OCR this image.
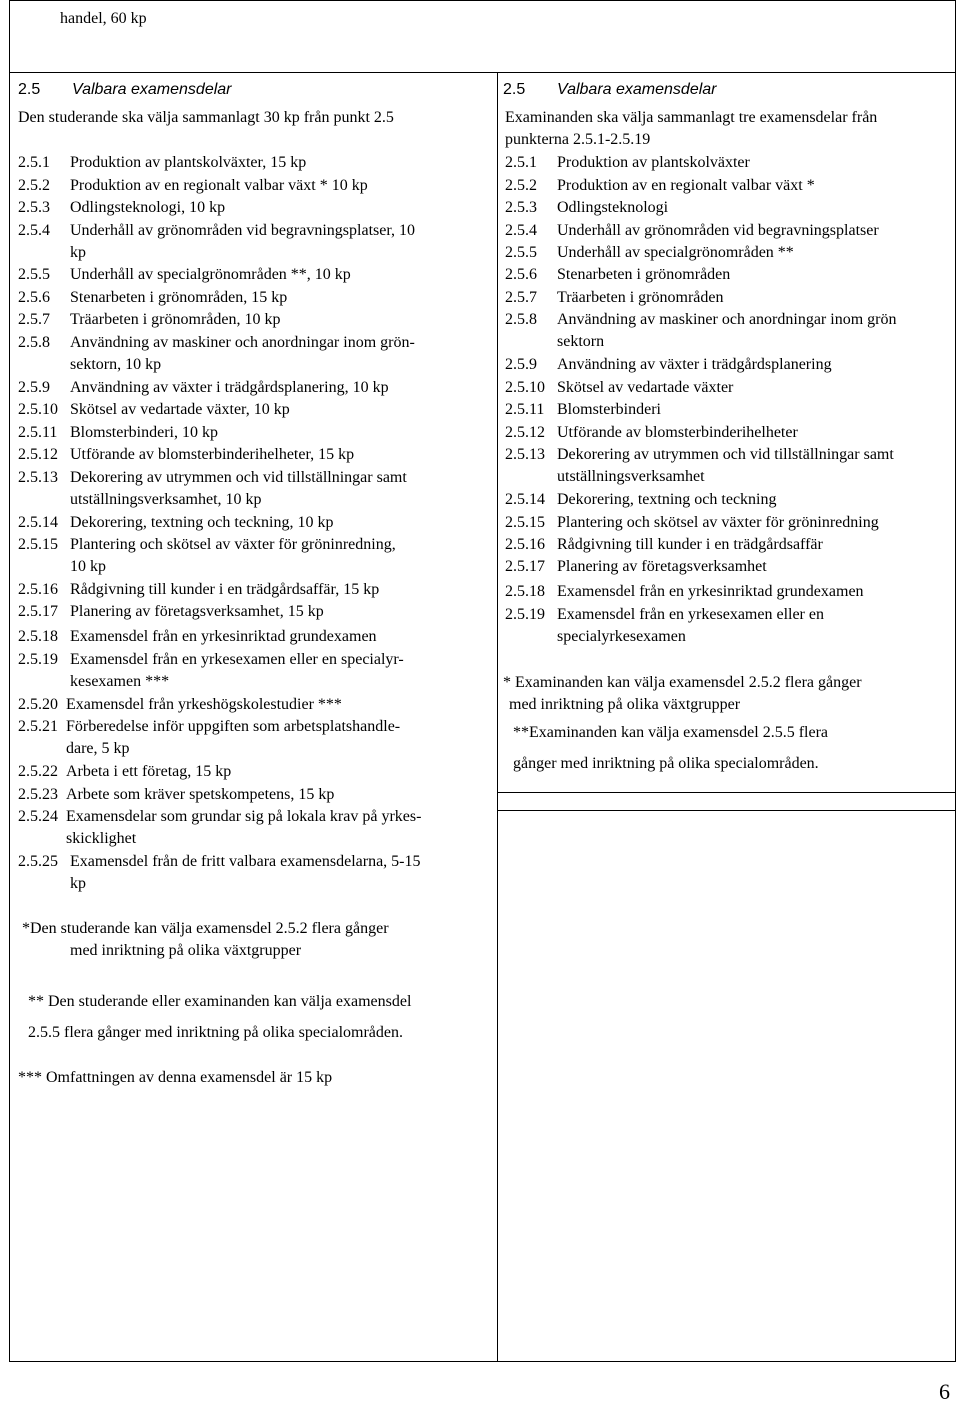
handel, 60 kp
2.5 Valbara examensdelar
Den studerande ska välja sammanlagt 30 kp från punkt 2.5
2.5.1 Produktion av plantskolväxter, 15 kp
2.5.2 Produktion av en regionalt valbar växt * 10 kp
2.5.3 Odlingsteknologi, 10 kp
2.5.4 Underhåll av grönområden vid begravningsplatser, 10
kp
2.5.5 Underhåll av specialgrönområden **, 10 kp
2.5.6 Stenarbeten i grönområden, 15 kp
2.5.7 Träarbeten i grönområden, 10 kp
2.5.8 Användning av maskiner och anordningar inom grön-
sektorn, 10 kp
2.5.9 Användning av växter i trädgårdsplanering, 10 kp
2.5.10 Skötsel av vedartade växter, 10 kp
2.5.11 Blomsterbinderi, 10 kp
2.5.12 Utförande av blomsterbinderihelheter, 15 kp
2.5.13 Dekorering av utrymmen och vid tillställningar samt
utställningsverksamhet, 10 kp
2.5.14 Dekorering, textning och teckning, 10 kp
2.5.15 Plantering och skötsel av växter för gröninredning,
10 kp
2.5.16 Rådgivning till kunder i en trädgårdsaffär, 15 kp
2.5.17 Planering av företagsverksamhet, 15 kp
2.5.18 Examensdel från en yrkesinriktad grundexamen
2.5.19 Examensdel från en yrkesexamen eller en specialyr-
kesexamen ***
2.5.20 Examensdel från yrkeshögskolestudier ***
2.5.21 Förberedelse inför uppgiften som arbetsplatshandle-
dare, 5 kp
2.5.22 Arbeta i ett företag, 15 kp
2.5.23 Arbete som kräver spetskompetens, 15 kp
2.5.24 Examensdelar som grundar sig på lokala krav på yrkes-
skicklighet
2.5.25 Examensdel från de fritt valbara examensdelarna, 5-15
kp
*Den studerande kan välja examensdel 2.5.2 flera gånger
med inriktning på olika växtgrupper
** Den studerande eller examinanden kan välja examensdel
2.5.5 flera gånger med inriktning på olika specialområden.
*** Omfattningen av denna examensdel är 15 kp
2.5 Valbara examensdelar
Examinanden ska välja sammanlagt tre examensdelar från
punkterna 2.5.1-2.5.19
2.5.1 Produktion av plantskolväxter
2.5.2 Produktion av en regionalt valbar växt *
2.5.3 Odlingsteknologi
2.5.4 Underhåll av grönområden vid begravningsplatser
2.5.5 Underhåll av specialgrönområden **
2.5.6 Stenarbeten i grönområden
2.5.7 Träarbeten i grönområden
2.5.8 Användning av maskiner och anordningar inom grön
sektorn
2.5.9 Användning av växter i trädgårdsplanering
2.5.10 Skötsel av vedartade växter
2.5.11 Blomsterbinderi
2.5.12 Utförande av blomsterbinderihelheter
2.5.13 Dekorering av utrymmen och vid tillställningar samt
utställningsverksamhet
2.5.14 Dekorering, textning och teckning
2.5.15 Plantering och skötsel av växter för gröninredning
2.5.16 Rådgivning till kunder i en trädgårdsaffär
2.5.17 Planering av företagsverksamhet
2.5.18 Examensdel från en yrkesinriktad grundexamen
2.5.19 Examensdel från en yrkesexamen eller en
specialyrkesexamen
* Examinanden kan välja examensdel 2.5.2 flera gånger
med inriktning på olika växtgrupper
**Examinanden kan välja examensdel 2.5.5 flera
gånger med inriktning på olika specialområden.
6
